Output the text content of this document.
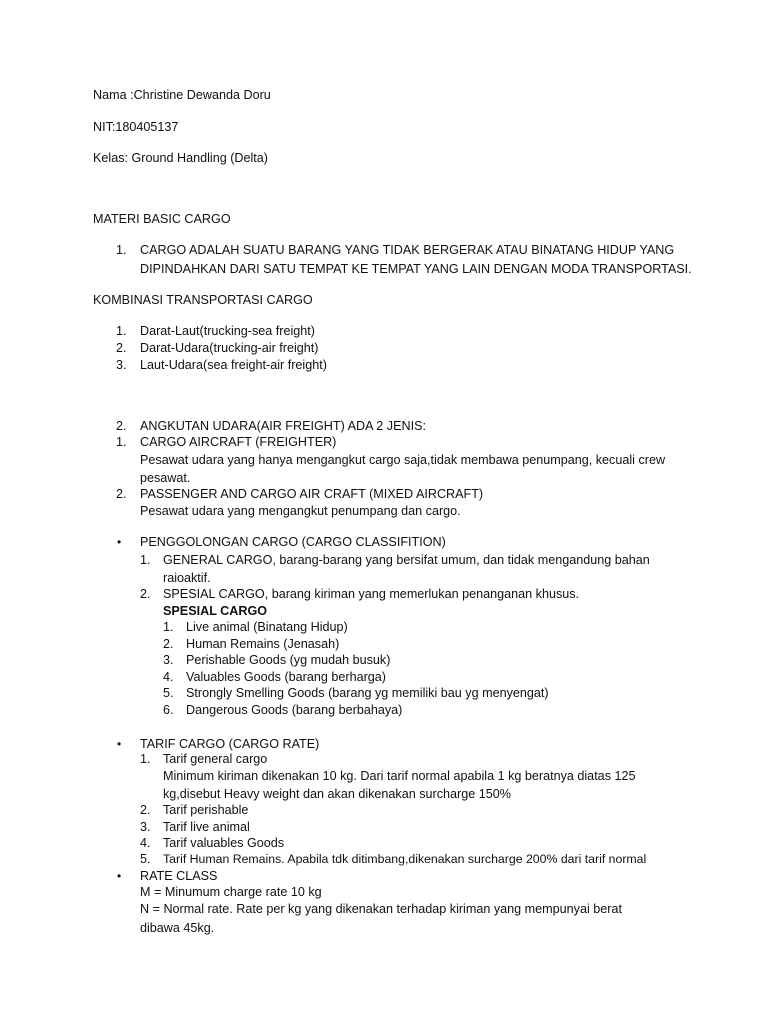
Nama :Christine Dewanda Doru
NIT:180405137
Kelas: Ground Handling (Delta)
MATERI BASIC CARGO
1. CARGO ADALAH SUATU BARANG YANG TIDAK BERGERAK ATAU BINATANG HIDUP YANG
DIPINDAHKAN DARI SATU TEMPAT KE TEMPAT YANG LAIN DENGAN MODA TRANSPORTASI.
KOMBINASI TRANSPORTASI CARGO
1. Darat-Laut(trucking-sea freight)
2. Darat-Udara(trucking-air freight)
3. Laut-Udara(sea freight-air freight)
2. ANGKUTAN UDARA(AIR FREIGHT) ADA 2 JENIS:
1. CARGO AIRCRAFT (FREIGHTER)
Pesawat udara yang hanya mengangkut cargo saja,tidak membawa penumpang, kecuali crew
pesawat.
2. PASSENGER AND CARGO AIR CRAFT (MIXED AIRCRAFT)
Pesawat udara yang mengangkut penumpang dan cargo.
• PENGGOLONGAN CARGO (CARGO CLASSIFITION)
1. GENERAL CARGO, barang-barang yang bersifat umum, dan tidak mengandung bahan
raioaktif.
2. SPESIAL CARGO, barang kiriman yang memerlukan penanganan khusus.
SPESIAL CARGO
1. Live animal (Binatang Hidup)
2. Human Remains (Jenasah)
3. Perishable Goods (yg mudah busuk)
4. Valuables Goods (barang berharga)
5. Strongly Smelling Goods (barang yg memiliki bau yg menyengat)
6. Dangerous Goods (barang berbahaya)
• TARIF CARGO (CARGO RATE)
1. Tarif general cargo
Minimum kiriman dikenakan 10 kg. Dari tarif normal apabila 1 kg beratnya diatas 125
kg,disebut Heavy weight dan akan dikenakan surcharge 150%
2. Tarif perishable
3. Tarif live animal
4. Tarif valuables Goods
5. Tarif Human Remains. Apabila tdk ditimbang,dikenakan surcharge 200% dari tarif normal
• RATE CLASS
M = Minumum charge rate 10 kg
N = Normal rate. Rate per kg yang dikenakan terhadap kiriman yang mempunyai berat
dibawa 45kg.
